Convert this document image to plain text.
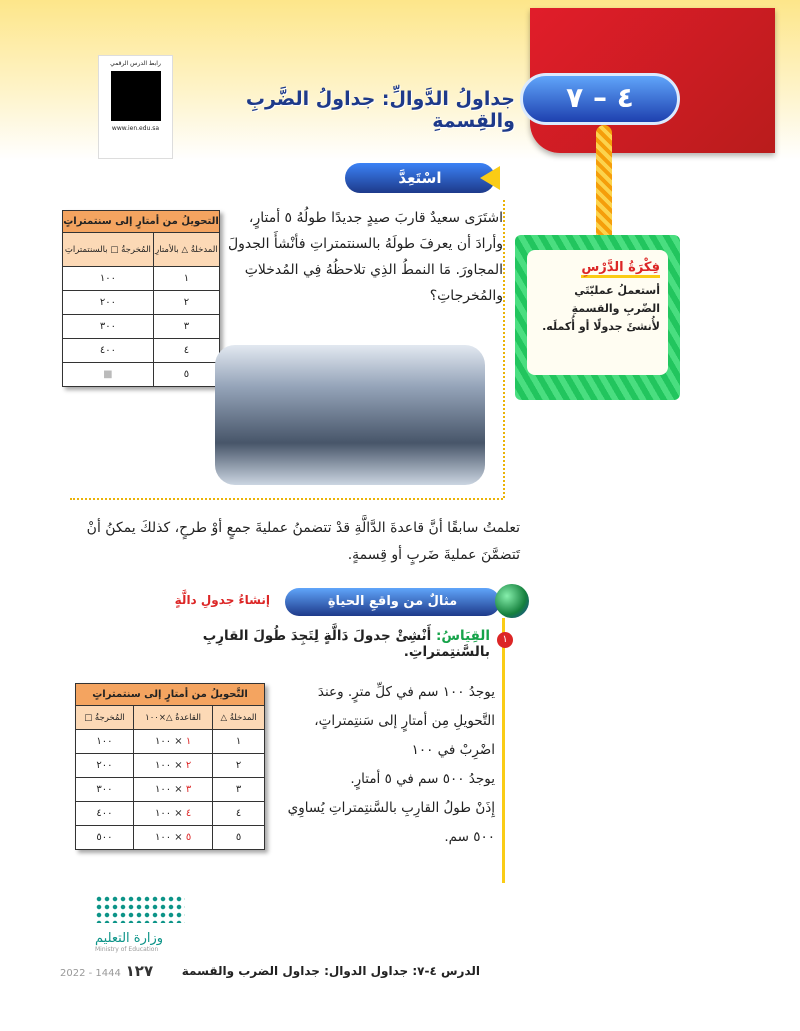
رابط الدرس الرقمي
www.ien.edu.sa
جداولُ الدَّوالِّ: جداولُ الضَّربِ والقِسمةِ
٤ – ٧
فِكْرَةُ الدَّرْسِ
أستعملُ عمليّتَي الضّربِ والقسمةِ لأُنشئَ جدولًا أو أُكملَه.
اسْتَعِدَّ
التحويلُ من أمتارٍ إلى سنتمتراتٍ	
المدخلةُ △ بالأمتارِ	المُخرجةُ □ بالسنتمتراتِ
١	١٠٠
٢	٢٠٠
٣	٣٠٠
٤	٤٠٠
٥	■
اشتَرَى سعيدٌ قاربَ صيدٍ جديدًا طولُهُ ٥ أمتارٍ، وأرادَ أن يعرفَ طولَهُ بالسنتمتراتِ فأنْشأَ الجدولَ المجاورَ. مَا النمطُ الذِي تلاحظُهُ فِي المُدخلاتِ والمُخرجاتِ؟
تعلمتُ سابقًا أنَّ قاعدةَ الدَّالَّةِ قدْ تتضمنُ عمليةَ جمعٍ أوْ طرحٍ، كذلكَ يمكنُ أنْ تَتضمَّنَ عمليةَ ضَربٍ أو قِسمةٍ.
مثالٌ من واقعِ الحياةِ
إنشاءُ جدولِ دالَّةٍ
١
القِيَاسُ: أَنْشِئْ جدولَ دَالَّةٍ لِتَجِدَ طُولَ القارِبِ بالسَّنتِمتراتِ.
التَّحويلُ من أمتارٍ إلى سنتمتراتٍ		
المدخلةُ △	القاعدةُ △×١٠٠	المُخرجةُ □
١	١ × ١٠٠	١٠٠
٢	٢ × ١٠٠	٢٠٠
٣	٣ × ١٠٠	٣٠٠
٤	٤ × ١٠٠	٤٠٠
٥	٥ × ١٠٠	٥٠٠
يوجدُ ١٠٠ سم في كلِّ مترٍ. وعندَ التَّحويلِ مِن أمتارٍ إلى سَنتِمتراتٍ، اضْرِبْ في ١٠٠
يوجدُ ٥٠٠ سم في ٥ أمتارٍ.
إِذَنْ طولُ القارِبِ بالسَّنتِمتراتِ يُساوِي ٥٠٠ سم.
وزارة التعليم
Ministry of Education
2022 - 1444 ١٢٧	الدرس ٤-٧: جداول الدوال: جداول الضرب والقسمة
